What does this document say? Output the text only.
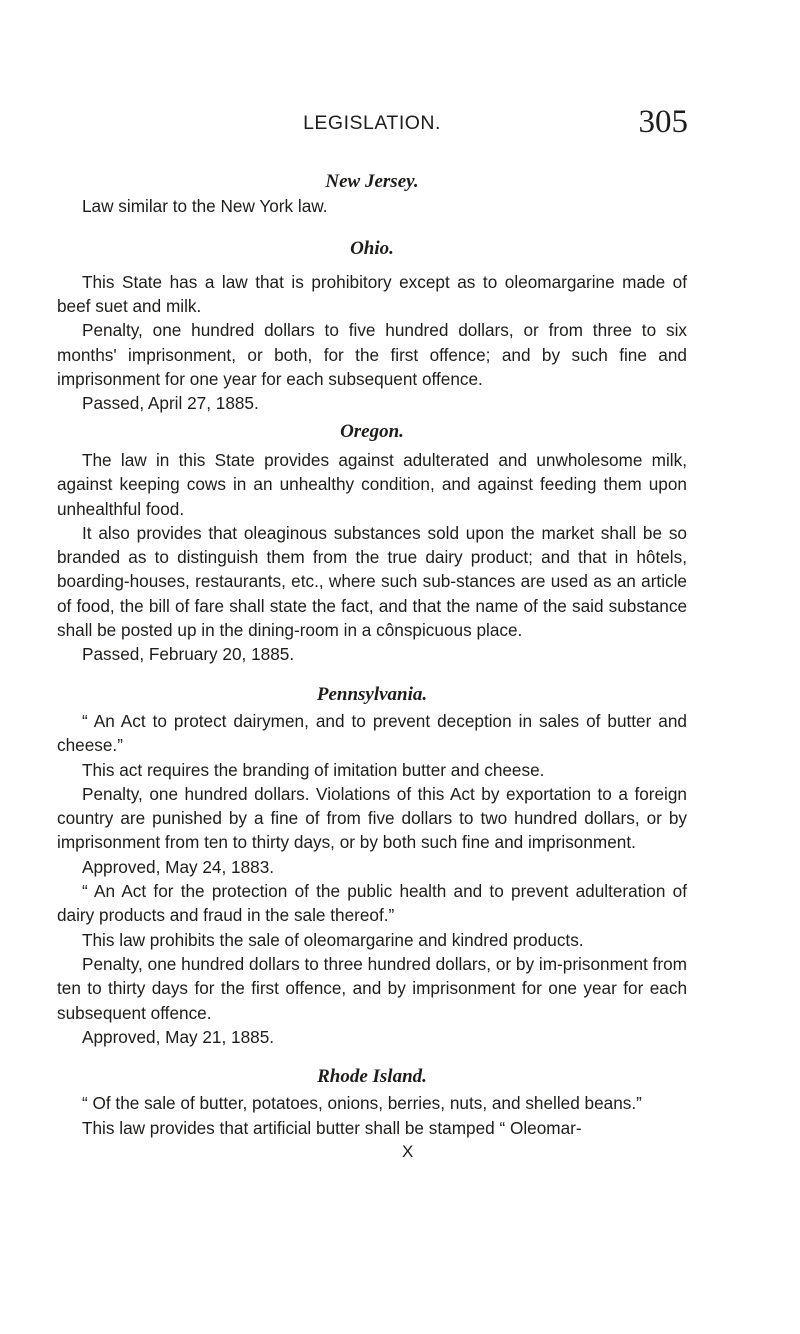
LEGISLATION.	305
New Jersey.

Law similar to the New York law.

Ohio.

This State has a law that is prohibitory except as to oleomargarine made of beef suet and milk.

Penalty, one hundred dollars to five hundred dollars, or from three to six months' imprisonment, or both, for the first offence; and by such fine and imprisonment for one year for each subsequent offence.

Passed, April 27, 1885.

Oregon.

The law in this State provides against adulterated and unwholesome milk, against keeping cows in an unhealthy condition, and against feeding them upon unhealthful food.

It also provides that oleaginous substances sold upon the market shall be so branded as to distinguish them from the true dairy product; and that in hôtels, boarding-houses, restaurants, etc., where such sub-stances are used as an article of food, the bill of fare shall state the fact, and that the name of the said substance shall be posted up in the dining-room in a cônspicuous place.

Passed, February 20, 1885.

Pennsylvania.

“ An Act to protect dairymen, and to prevent deception in sales of butter and cheese.”

This act requires the branding of imitation butter and cheese.

Penalty, one hundred dollars. Violations of this Act by exportation to a foreign country are punished by a fine of from five dollars to two hundred dollars, or by imprisonment from ten to thirty days, or by both such fine and imprisonment.

Approved, May 24, 1883.

“ An Act for the protection of the public health and to prevent adulteration of dairy products and fraud in the sale thereof.”

This law prohibits the sale of oleomargarine and kindred products.

Penalty, one hundred dollars to three hundred dollars, or by im-prisonment from ten to thirty days for the first offence, and by imprisonment for one year for each subsequent offence.

Approved, May 21, 1885.

Rhode Island.

“ Of the sale of butter, potatoes, onions, berries, nuts, and shelled beans.”

This law provides that artificial butter shall be stamped “ Oleomar-

X
